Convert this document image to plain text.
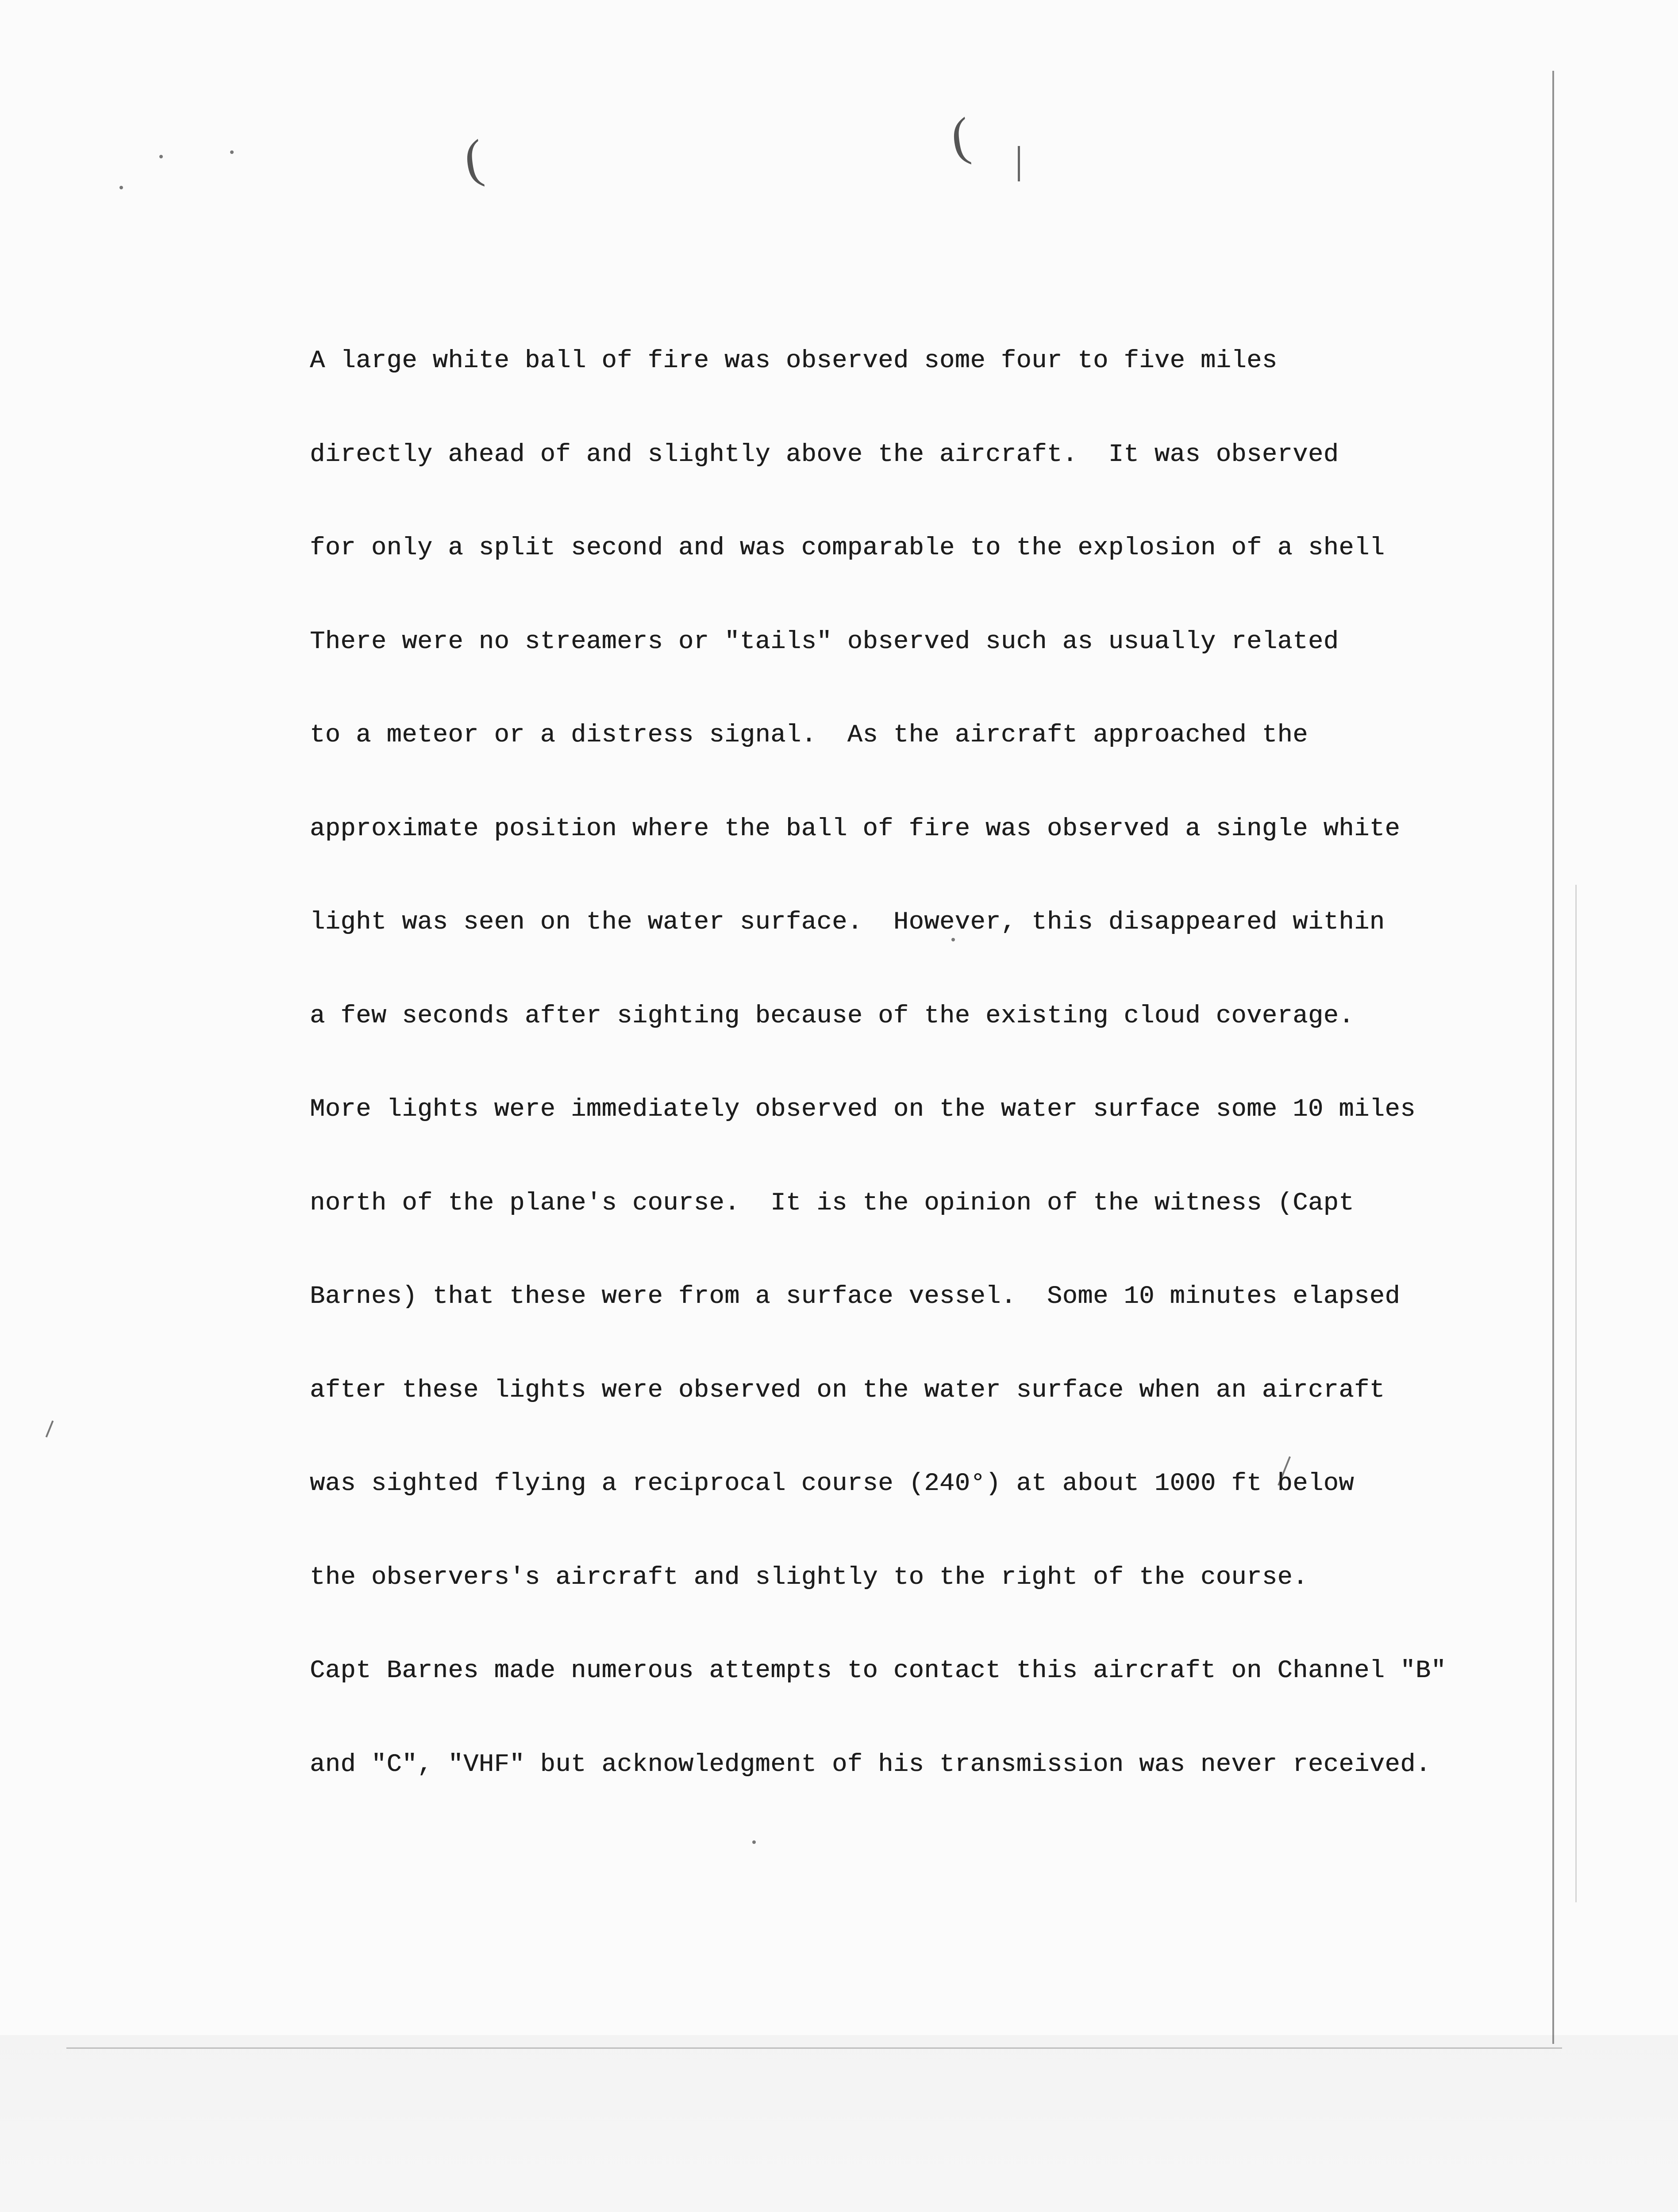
(	(

A large white ball of fire was observed some four to five miles

directly ahead of and slightly above the aircraft.  It was observed

for only a split second and was comparable to the explosion of a shell

There were no streamers or "tails" observed such as usually related

to a meteor or a distress signal.  As the aircraft approached the

approximate position where the ball of fire was observed a single white

light was seen on the water surface.  However, this disappeared within

a few seconds after sighting because of the existing cloud coverage.

More lights were immediately observed on the water surface some 10 miles

north of the plane's course.  It is the opinion of the witness (Capt

Barnes) that these were from a surface vessel.  Some 10 minutes elapsed

after these lights were observed on the water surface when an aircraft

was sighted flying a reciprocal course (240°) at about 1000 ft below

the observers's aircraft and slightly to the right of the course.

Capt Barnes made numerous attempts to contact this aircraft on Channel "B"

and "C", "VHF" but acknowledgment of his transmission was never received.
